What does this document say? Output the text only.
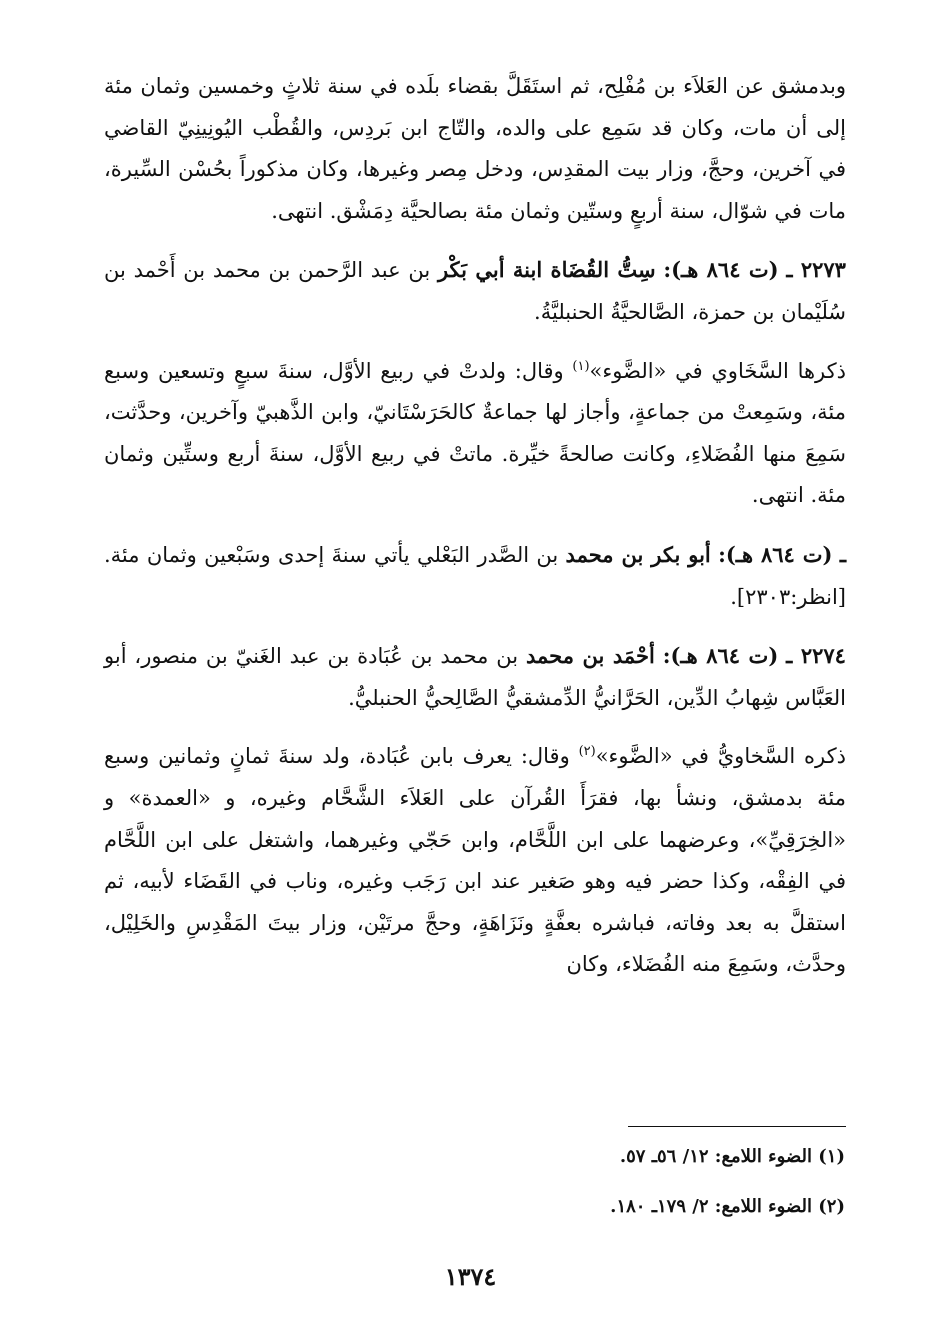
وبدمشق عن العَلاَء بن مُفْلِح، ثم استَقَلَّ بقضاء بلَده في سنة ثلاثٍ وخمسين وثمان مئة إلى أن مات، وكان قد سَمِع على والده، والتّاج ابن بَردِس، والقُطْب اليُونِينِيّ القاضي في آخرين، وحجَّ، وزار بيت المقدِس، ودخل مِصر وغيرها، وكان مذكوراً بحُسْن السِّيرة، مات في شوّال، سنة أربعٍ وستّين وثمان مئة بصالحيَّة دِمَشْق. انتهى.

٢٢٧٣ ـ (ت ٨٦٤ هـ): سِتُّ القُضَاة ابنة أبي بَكْر بن عبد الرَّحمن بن محمد بن أَحْمد بن سُلَيْمان بن حمزة، الصَّالحيَّةُ الحنبليَّةُ.

ذكرها السَّخَاوي في «الضَّوء»$^{(١)}$ وقال: ولدتْ في ربيع الأوَّل، سنةَ سبعٍ وتسعين وسبع مئة، وسَمِعتْ من جماعةٍ، وأجاز لها جماعةٌ كالحَرَسْتَانيّ، وابن الذَّهبيّ وآخرين، وحدَّثت، سَمِعَ منها الفُضَلاءِ، وكانت صالحةً خيِّرة. ماتتْ في ربيع الأوَّل، سنةَ أربع وستِّين وثمان مئة. انتهى.

ـ (ت ٨٦٤ هـ): أبو بكر بن محمد بن الصَّدر البَعْلي يأتي سنةَ إحدى وسَبْعين وثمان مئة. [انظر:٢٣٠٣].

٢٢٧٤ ـ (ت ٨٦٤ هـ): أحْمَد بن محمد بن محمد بن عُبَادة بن عبد الغَنيّ بن منصور، أبو العَبَّاس شِهابُ الدِّين، الحَرَّانيُّ الدِّمشقيُّ الصَّالِحيُّ الحنبليُّ.

ذكره السَّخاويُّ في «الضَّوء»$^{(٢)}$ وقال: يعرف بابن عُبَادة، ولد سنةَ ثمانٍ وثمانين وسبع مئة بدمشق، ونشأ بها، فقرَأَ القُرآن على العَلاَء الشَّحَّام وغيره، و «العمدة» و «الخِرَقِيِّ»، وعرضهما على ابن اللَّحَّام، وابن حَجّي وغيرهما، واشتغل على ابن اللَّحَّام في الفِقْه، وكذا حضر فيه وهو صَغير عند ابن رَجَب وغيره، وناب في القَضَاء لأبيه، ثم استقلَّ به بعد وفاته، فباشره بعفَّةٍ ونَزَاهَةٍ، وحجَّ مرتَيْن، وزار بيتَ المَقْدِسِ والخَلِيْل، وحدَّث، وسَمِعَ منه الفُضَلاء، وكان

(١) الضوء اللامع: ١٢/ ٥٦ـ ٥٧.
(٢) الضوء اللامع: ٢/ ١٧٩ـ ١٨٠.
١٣٧٤
